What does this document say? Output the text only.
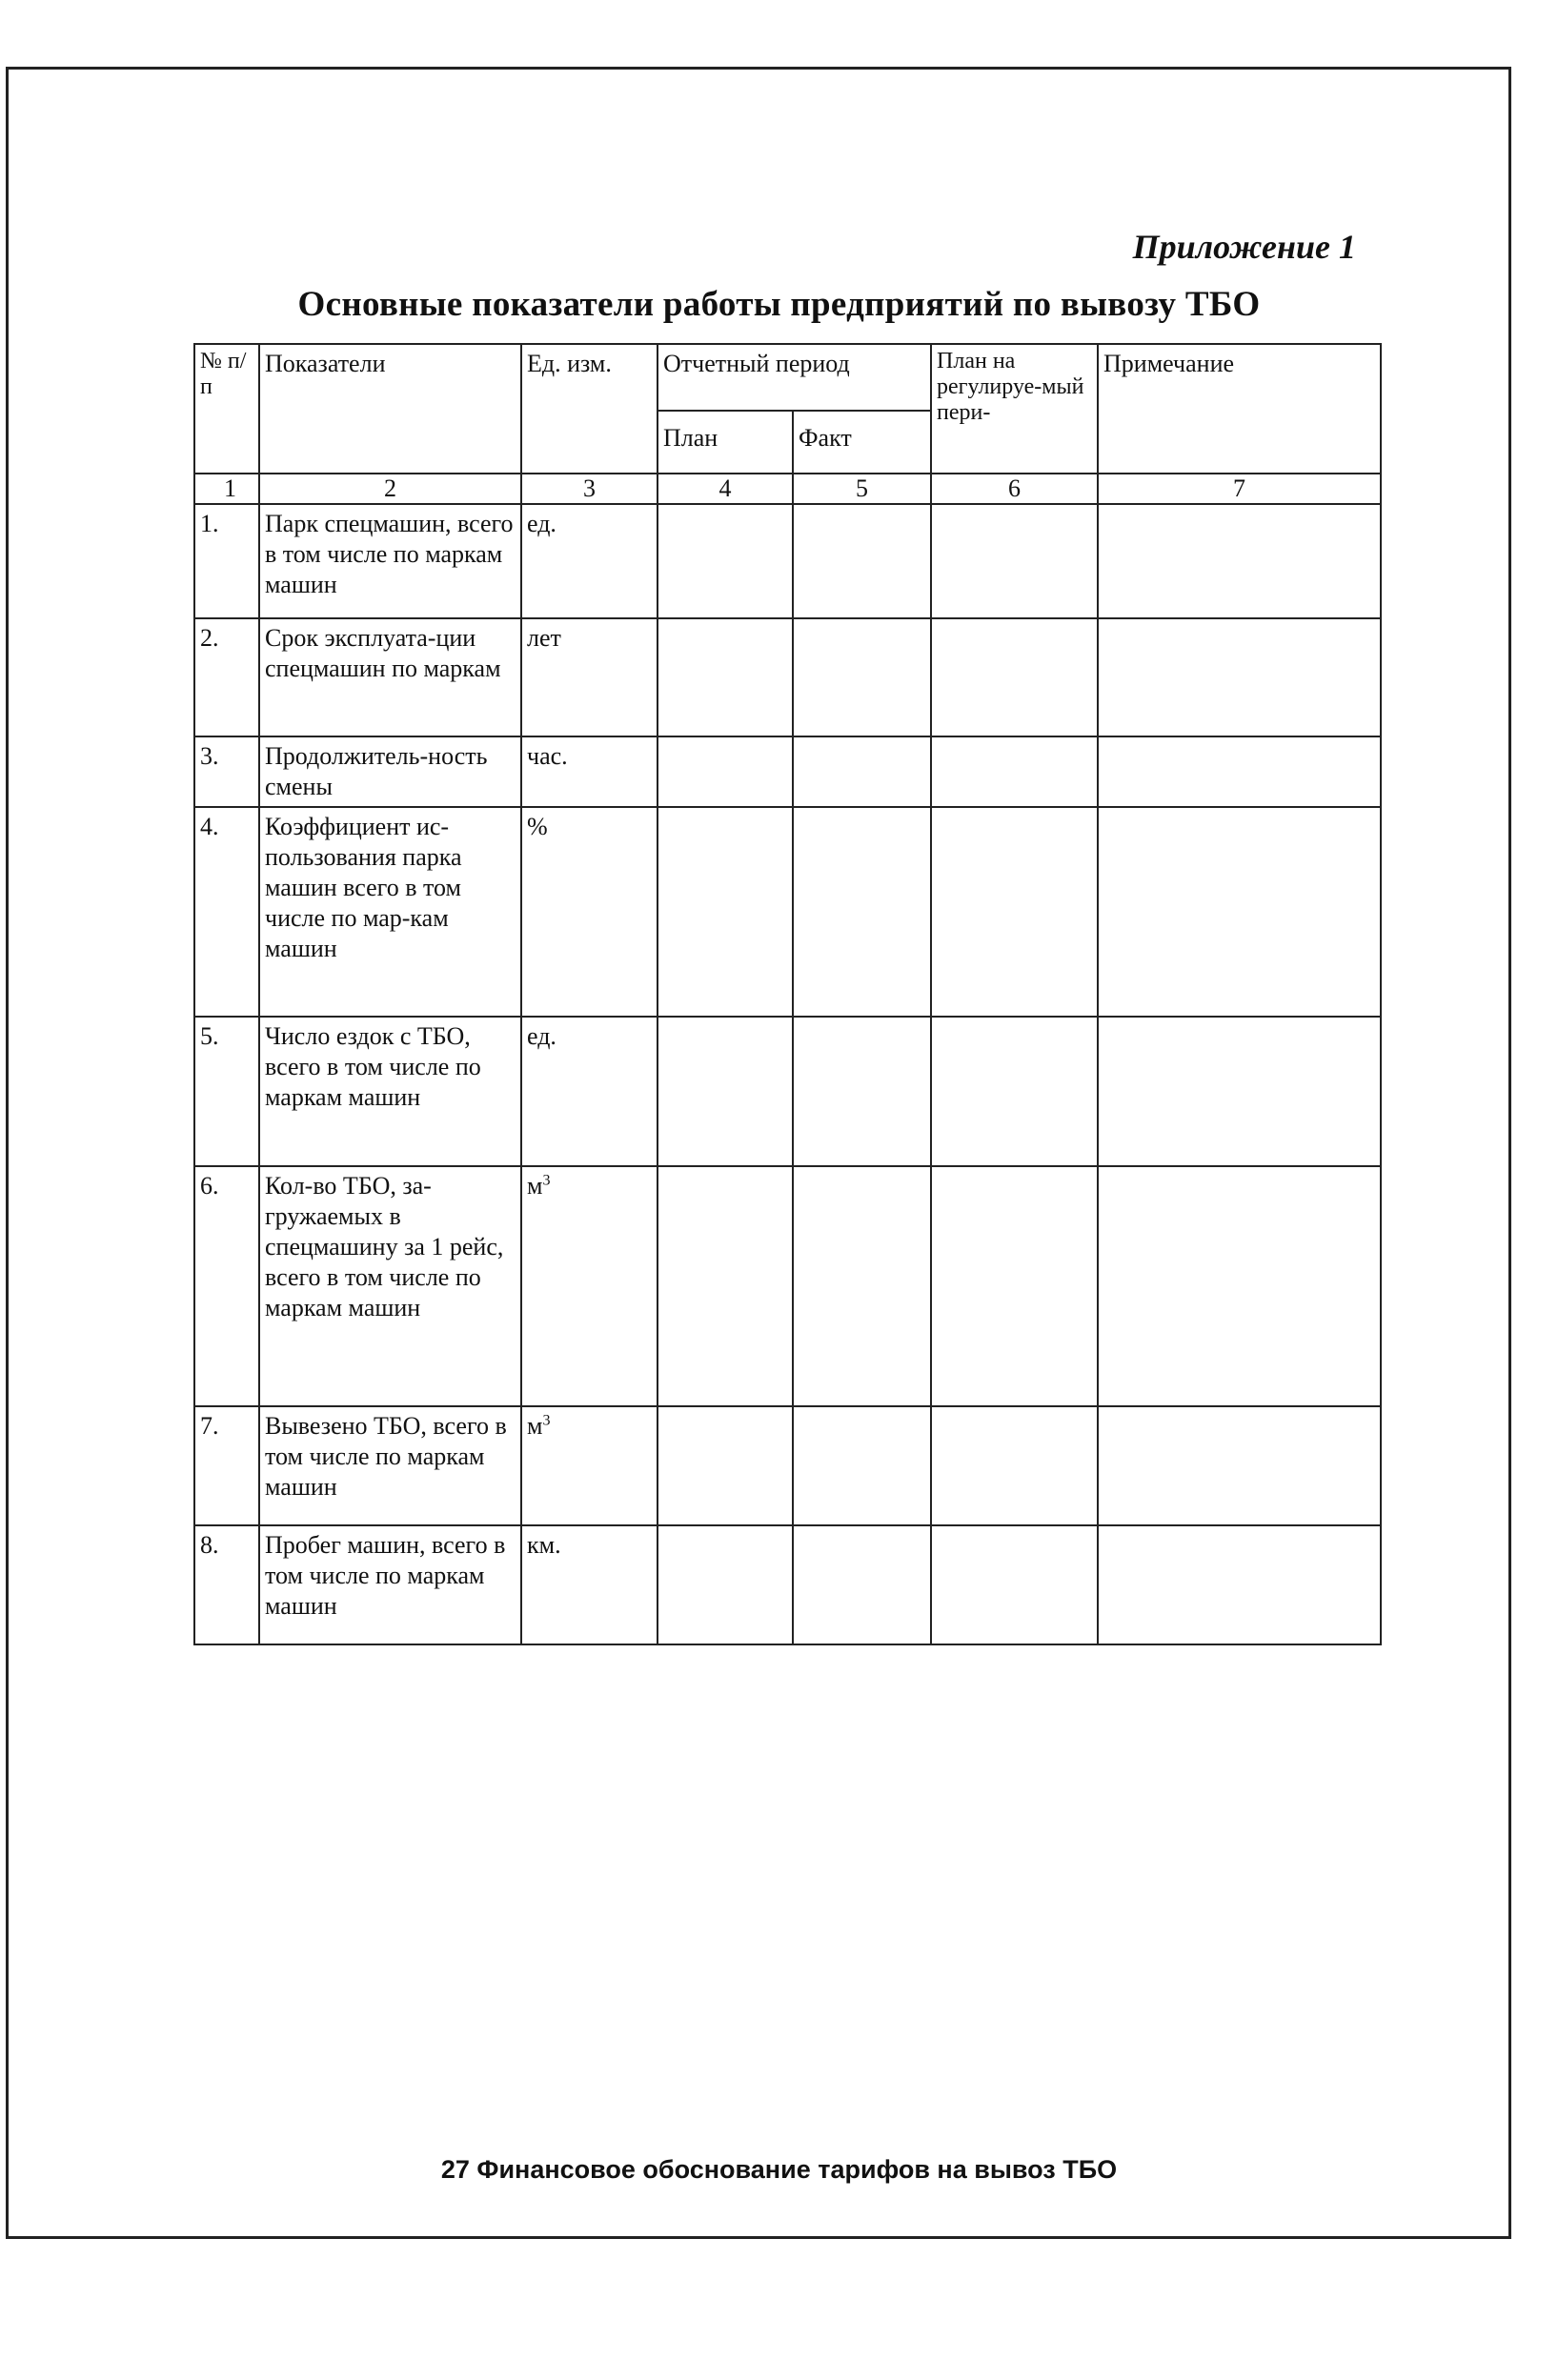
Приложение 1
Основные показатели работы предприятий по вывозу ТБО
№ п/п	Показатели	Ед. изм.	Отчетный период		План на регулируе-мый пери-	Примечание
			План	Факт		
1	2	3	4	5	6	7
1.	Парк спецмашин, всего в том числе по маркам машин	ед.				
2.	Срок эксплуата-ции спецмашин по маркам	лет				
3.	Продолжитель-ность смены	час.				
4.	Коэффициент ис-пользования парка машин всего в том числе по мар-кам машин	%				
5.	Число ездок с ТБО, всего в том числе по маркам машин	ед.				
6.	Кол-во ТБО, за-гружаемых в спецмашину за 1 рейс, всего в том числе по маркам машин	$м^3$				
7.	Вывезено ТБО, всего в том числе по маркам машин	$м^3$				
8.	Пробег машин, всего в том числе по маркам машин	км.				
27 Финансовое обоснование тарифов на вывоз ТБО
